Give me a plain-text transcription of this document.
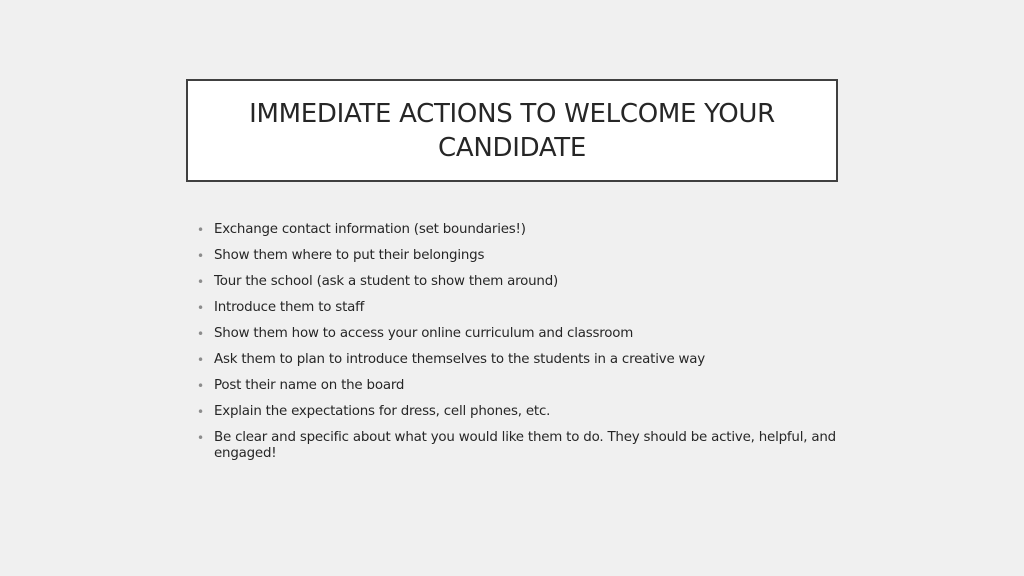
IMMEDIATE ACTIONS TO WELCOME YOUR CANDIDATE
• Exchange contact information (set boundaries!)
• Show them where to put their belongings
• Tour the school (ask a student to show them around)
• Introduce them to staff
• Show them how to access your online curriculum and classroom
• Ask them to plan to introduce themselves to the students in a creative way
• Post their name on the board
• Explain the expectations for dress, cell phones, etc.
• Be clear and specific about what you would like them to do. They should be active, helpful, and engaged!
